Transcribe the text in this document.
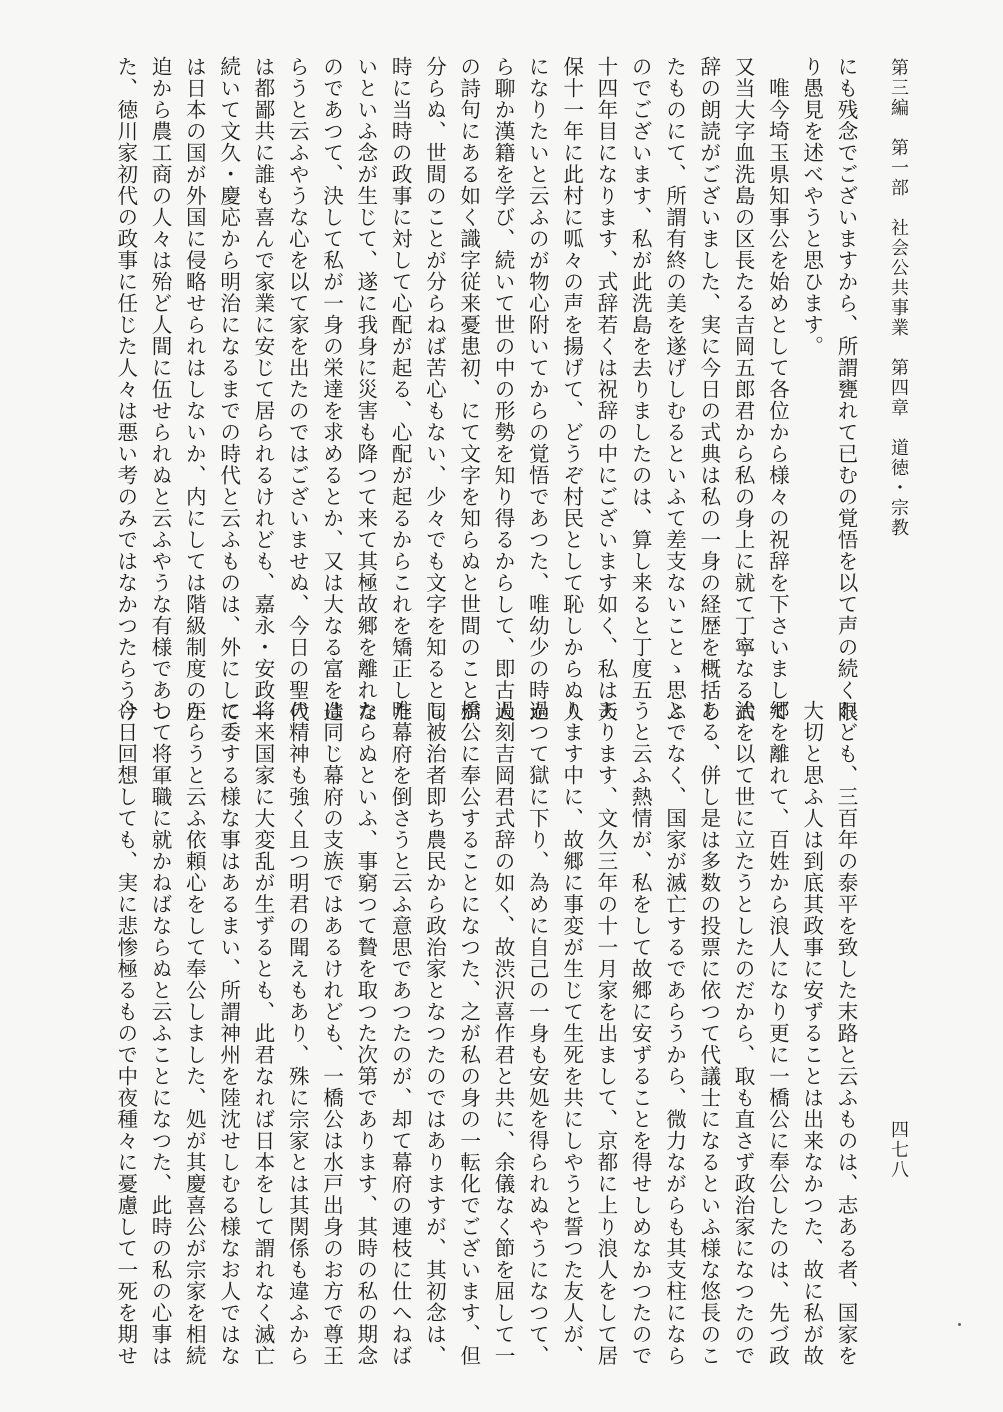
第三編　第一部　社会公共事業　第四章　道徳・宗教
四七八
にも残念でございますから、所謂甕れて已むの覚悟を以て声の続く限
り愚見を述べやうと思ひます。
　唯今埼玉県知事公を始めとして各位から様々の祝辞を下さいまして
又当大字血洗島の区長たる吉岡五郎君から私の身上に就て丁寧なる式
辞の朗読がございました、実に今日の式典は私の一身の経歴を概括し
たものにて、所謂有終の美を遂げしむるといふて差支ないことゝ思ふ
のでございます、私が此洗島を去りましたのは、算し来ると丁度五
十四年目になります、式辞若くは祝辞の中にございます如く、私は天
保十一年に此村に呱々の声を揚げて、どうぞ村民として恥しからぬ人
になりたいと云ふのが物心附いてからの覚悟であつた、唯幼少の時か
ら聊か漢籍を学び、続いて世の中の形勢を知り得るからして、即古人
の詩句にある如く識字従来憂患初、にて文字を知らぬと世間のことが
分らぬ、世間のことが分らねば苦心もない、少々でも文字を知ると同
時に当時の政事に対して心配が起る、心配が起るからこれを矯正した
いといふ念が生じて、遂に我身に災害も降つて来て其極故郷を離れた
のであつて、決して私が一身の栄達を求めるとか、又は大なる富を造
らうと云ふやうな心を以て家を出たのではございませぬ、今日の聖代
は都鄙共に誰も喜んで家業に安じて居られるけれども、嘉永・安政―
続いて文久・慶応から明治になるまでの時代と云ふものは、外にして
は日本の国が外国に侵略せられはしないか、内にしては階級制度の圧
迫から農工商の人々は殆ど人間に伍せられぬと云ふやうな有様であつ
た、徳川家初代の政事に任じた人々は悪い考のみではなかつたらうけ
れども、三百年の泰平を致した末路と云ふものは、志ある者、国家を
大切と思ふ人は到底其政事に安ずることは出来なかつた、故に私が故
郷を離れて、百姓から浪人になり更に一橋公に奉公したのは、先づ政
治を以て世に立たうとしたのだから、取も直さず政治家になつたので
ある、併し是は多数の投票に依つて代議士になるといふ様な悠長のこ
とでなく、国家が滅亡するであらうから、微力ながらも其支柱になら
うと云ふ熱情が、私をして故郷に安ずることを得せしめなかつたので
あります、文久三年の十一月家を出まして、京都に上り浪人をして居
ります中に、故郷に事変が生じて生死を共にしやうと誓つた友人が、
過つて獄に下り、為めに自己の一身も安処を得られぬやうになつて、
過刻吉岡君式辞の如く、故渋沢喜作君と共に、余儀なく節を屈して一
橋公に奉公することになつた、之が私の身の一転化でございます、但
し被治者即ち農民から政治家となつたのではありますが、其初念は、
唯幕府を倒さうと云ふ意思であつたのが、却て幕府の連枝に仕へねば
ならぬといふ、事窮つて贄を取つた次第であります、其時の私の期念
は同じ幕府の支族ではあるけれども、一橋公は水戸出身のお方で尊王
の精神も強く且つ明君の聞えもあり、殊に宗家とは其関係も違ふから
将来国家に大変乱が生ずるとも、此君なれば日本をして謂れなく滅亡
に委する様な事はあるまい、所謂神州を陸沈せしむる様なお人ではな
からうと云ふ依頼心をして奉公しました、処が其慶喜公が宗家を相続
して将軍職に就かねばならぬと云ふことになつた、此時の私の心事は
今日回想しても、実に悲惨極るもので中夜種々に憂慮して一死を期せ
